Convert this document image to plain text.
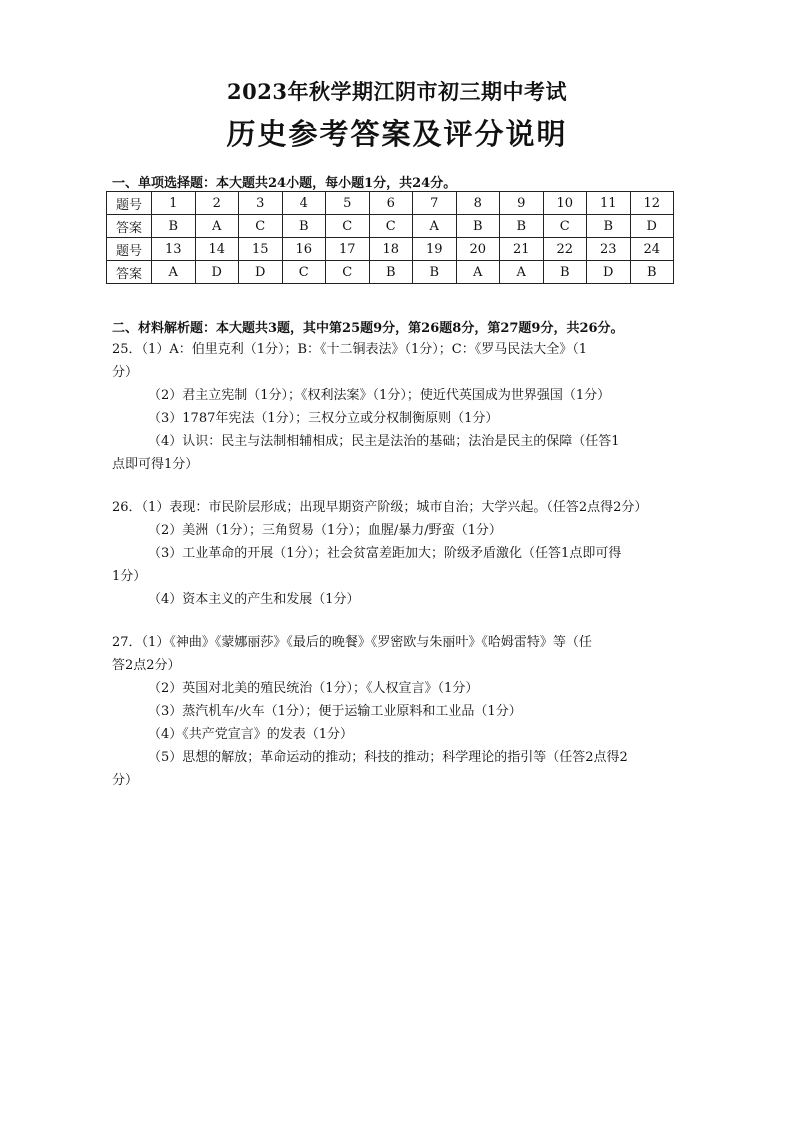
2023年秋学期江阴市初三期中考试
历史参考答案及评分说明
一、单项选择题：本大题共24小题，每小题1分，共24分。
题号	1	2	3	4	5	6	7	8	9	10	11	12
答案	B	A	C	B	C	C	A	B	B	C	B	D
题号	13	14	15	16	17	18	19	20	21	22	23	24
答案	A	D	D	C	C	B	B	A	A	B	D	B
二、材料解析题：本大题共3题，其中第25题9分，第26题8分，第27题9分，共26分。
25．（1）A：伯里克利（1分）；B：《十二铜表法》（1分）；C：《罗马民法大全》（1
分）
（2）君主立宪制（1分）；《权利法案》（1分）；使近代英国成为世界强国（1分）
（3）1787年宪法（1分）；三权分立或分权制衡原则（1分）
（4）认识：民主与法制相辅相成；民主是法治的基础；法治是民主的保障（任答1
点即可得1分）
26．（1）表现：市民阶层形成；出现早期资产阶级；城市自治；大学兴起。（任答2点得2分）
（2）美洲（1分）；三角贸易（1分）；血腥/暴力/野蛮（1分）
（3）工业革命的开展（1分）；社会贫富差距加大；阶级矛盾激化（任答1点即可得
1分）
（4）资本主义的产生和发展（1分）
27．（1）《神曲》《蒙娜丽莎》《最后的晚餐》《罗密欧与朱丽叶》《哈姆雷特》等（任
答2点2分）
（2）英国对北美的殖民统治（1分）；《人权宣言》（1分）
（3）蒸汽机车/火车（1分）；便于运输工业原料和工业品（1分）
（4）《共产党宣言》的发表（1分）
（5）思想的解放；革命运动的推动；科技的推动；科学理论的指引等（任答2点得2
分）
